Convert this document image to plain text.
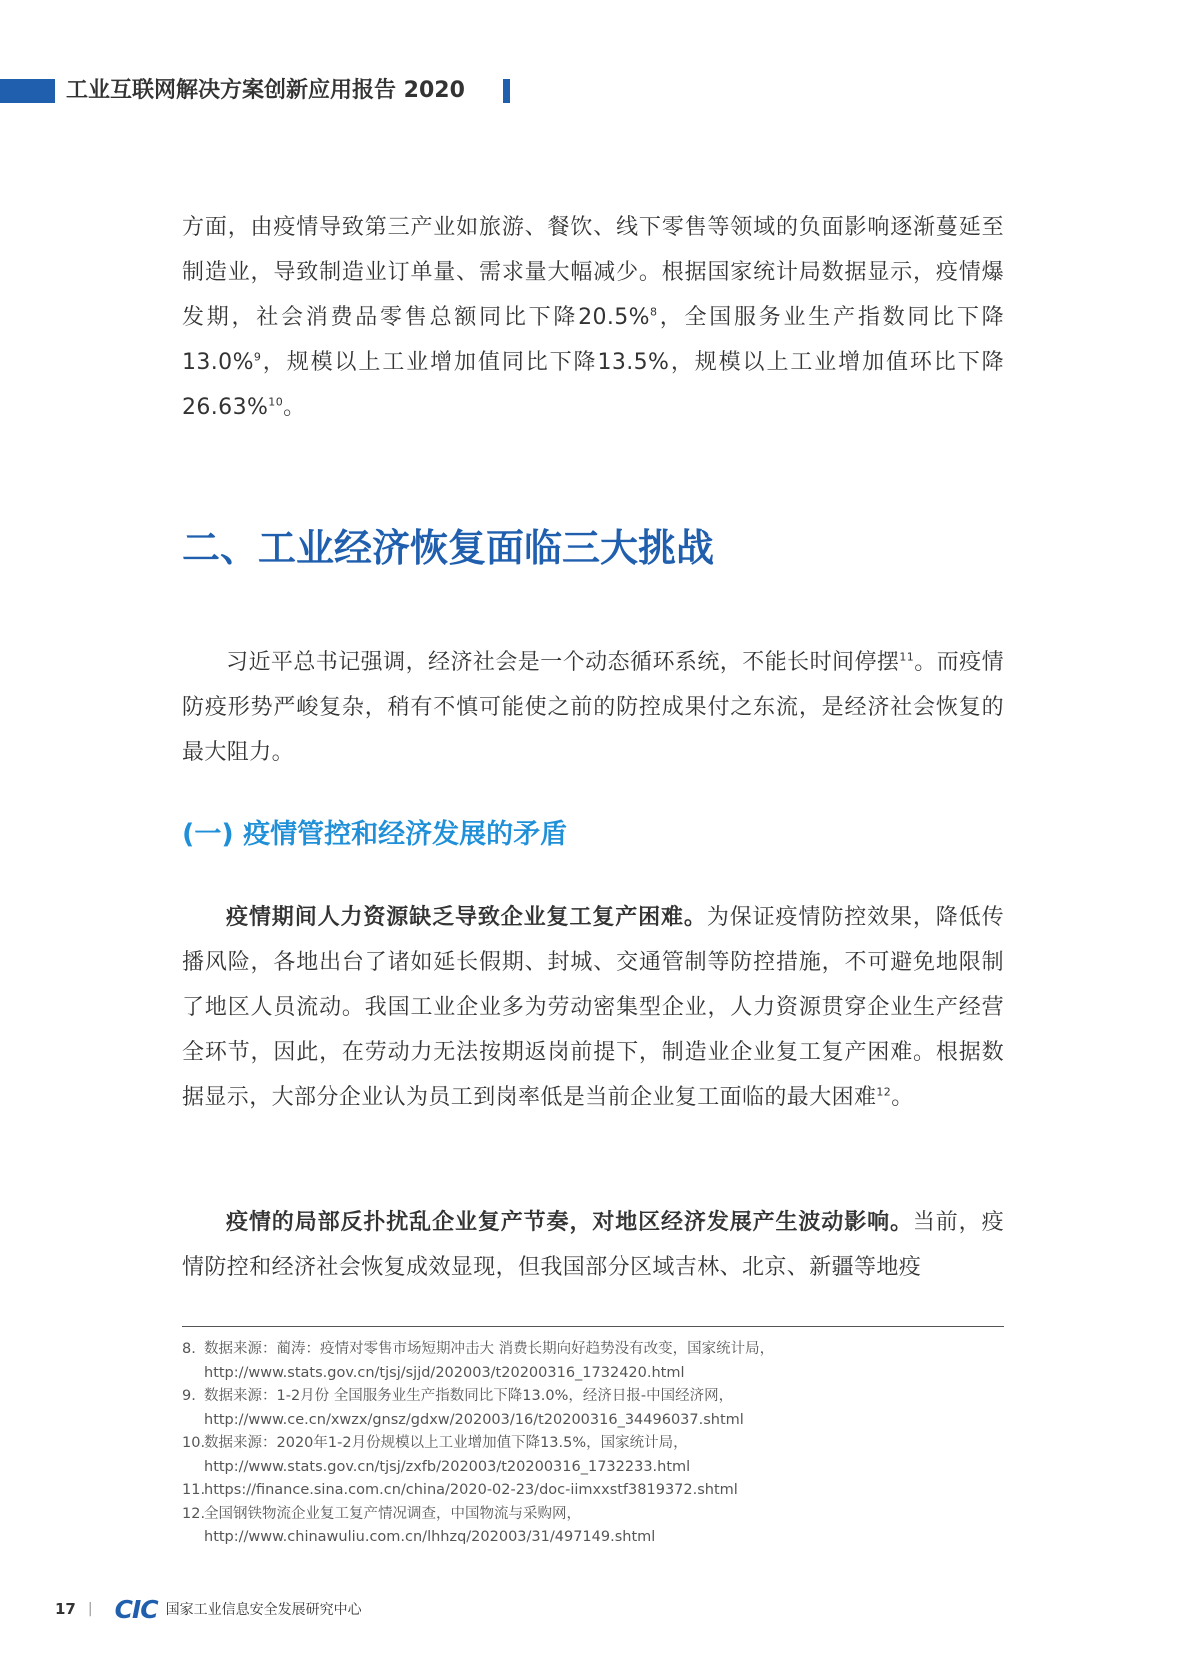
工业互联网解决方案创新应用报告 2020

方面，由疫情导致第三产业如旅游、餐饮、线下零售等领域的负面影响逐渐蔓延至制造业，导致制造业订单量、需求量大幅减少。根据国家统计局数据显示，疫情爆发期，社会消费品零售总额同比下降20.5%$^8$，全国服务业生产指数同比下降13.0%$^9$，规模以上工业增加值同比下降13.5%，规模以上工业增加值环比下降26.63%$^{10}$。

二、工业经济恢复面临三大挑战

习近平总书记强调，经济社会是一个动态循环系统，不能长时间停摆$^{11}$。而疫情防疫形势严峻复杂，稍有不慎可能使之前的防控成果付之东流，是经济社会恢复的最大阻力。

(一) 疫情管控和经济发展的矛盾

疫情期间人力资源缺乏导致企业复工复产困难。为保证疫情防控效果，降低传播风险，各地出台了诸如延长假期、封城、交通管制等防控措施，不可避免地限制了地区人员流动。我国工业企业多为劳动密集型企业，人力资源贯穿企业生产经营全环节，因此，在劳动力无法按期返岗前提下，制造业企业复工复产困难。根据数据显示，大部分企业认为员工到岗率低是当前企业复工面临的最大困难$^{12}$。

疫情的局部反扑扰乱企业复产节奏，对地区经济发展产生波动影响。当前，疫情防控和经济社会恢复成效显现，但我国部分区域吉林、北京、新疆等地疫

8. 数据来源：蔺涛：疫情对零售市场短期冲击大 消费长期向好趋势没有改变，国家统计局，http://www.stats.gov.cn/tjsj/sjjd/202003/t20200316_1732420.html
9. 数据来源：1-2月份 全国服务业生产指数同比下降13.0%，经济日报-中国经济网，http://www.ce.cn/xwzx/gnsz/gdxw/202003/16/t20200316_34496037.shtml
10.
数据来源：2020年1-2月份规模以上工业增加值下降13.5%，国家统计局，http://www.stats.gov.cn/tjsj/zxfb/202003/t20200316_1732233.html
11.
https://finance.sina.com.cn/china/2020-02-23/doc-iimxxstf3819372.shtml
12.
全国钢铁物流企业复工复产情况调查，中国物流与采购网，http://www.chinawuliu.com.cn/lhhzq/202003/31/497149.shtml
17 | CIC 国家工业信息安全发展研究中心
